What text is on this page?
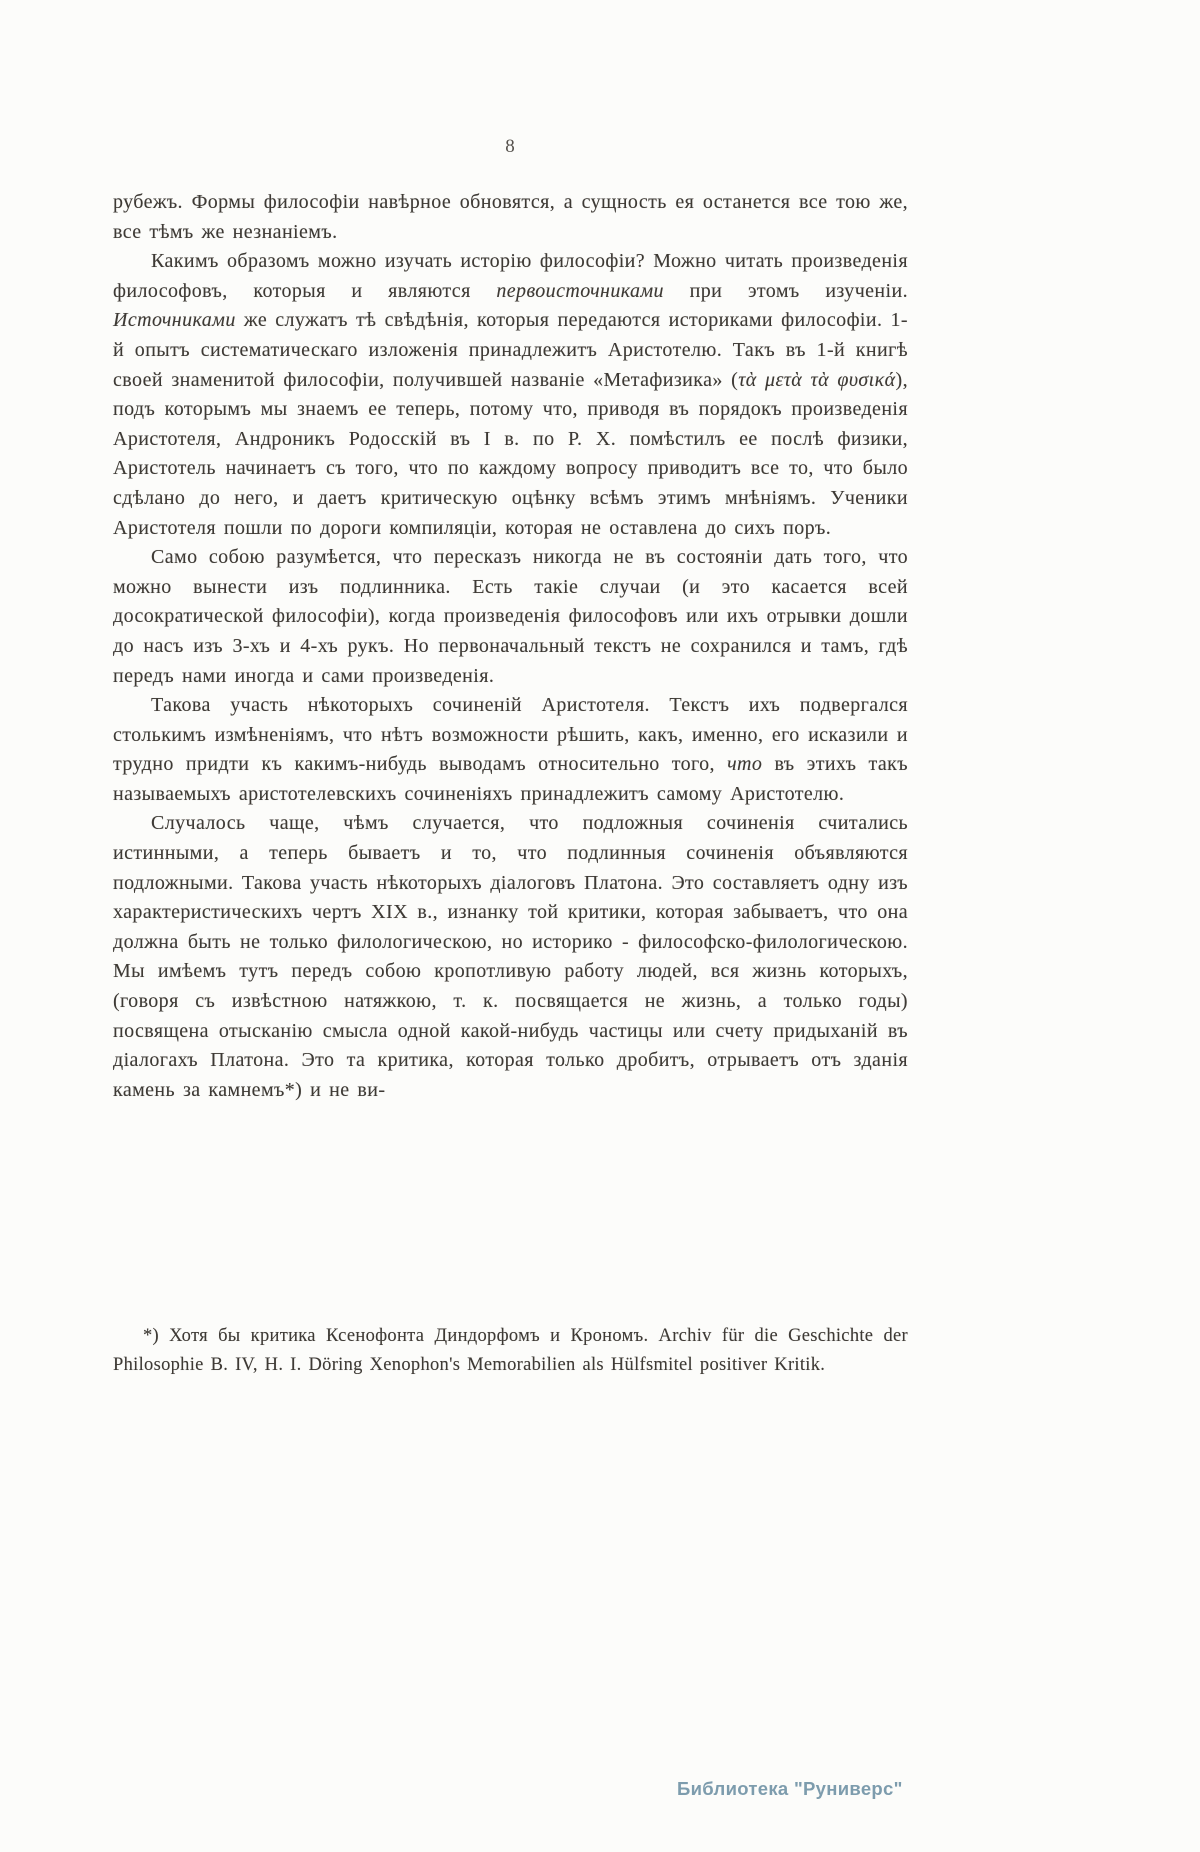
8

рубежъ. Формы философіи навѣрное обновятся, а сущность ея останется все тою же, все тѣмъ же незнаніемъ.

Какимъ образомъ можно изучать исторію философіи? Можно читать произведенія философовъ, которыя и являются первоисточниками при этомъ изученіи. Источниками же служатъ тѣ свѣдѣнія, которыя передаются историками философіи. 1-й опытъ систематическаго изложенія принадлежитъ Аристотелю. Такъ въ 1-й книгѣ своей знаменитой философіи, получившей названіе «Метафизика» (τὰ μετὰ τὰ φυσικά), подъ которымъ мы знаемъ ее теперь, потому что, приводя въ порядокъ произведенія Аристотеля, Андроникъ Родосскій въ I в. по Р. X. помѣстилъ ее послѣ физики, Аристотель начинаетъ съ того, что по каждому вопросу приводитъ все то, что было сдѣлано до него, и даетъ критическую оцѣнку всѣмъ этимъ мнѣніямъ. Ученики Аристотеля пошли по дороги компиляціи, которая не оставлена до сихъ поръ.

Само собою разумѣется, что пересказъ никогда не въ состояніи дать того, что можно вынести изъ подлинника. Есть такіе случаи (и это касается всей досократической философіи), когда произведенія философовъ или ихъ отрывки дошли до насъ изъ 3-хъ и 4-хъ рукъ. Но первоначальный текстъ не сохранился и тамъ, гдѣ передъ нами иногда и сами произведенія.

Такова участь нѣкоторыхъ сочиненій Аристотеля. Текстъ ихъ подвергался столькимъ измѣненіямъ, что нѣтъ возможности рѣшить, какъ, именно, его исказили и трудно придти къ какимъ-нибудь выводамъ относительно того, что въ этихъ такъ называемыхъ аристотелевскихъ сочиненіяхъ принадлежитъ самому Аристотелю.

Случалось чаще, чѣмъ случается, что подложныя сочиненія считались истинными, а теперь бываетъ и то, что подлинныя сочиненія объявляются подложными. Такова участь нѣкоторыхъ діалоговъ Платона. Это составляетъ одну изъ характеристическихъ чертъ XIX в., изнанку той критики, которая забываетъ, что она должна быть не только филологическою, но историко - философско-филологическою. Мы имѣемъ тутъ передъ собою кропотливую работу людей, вся жизнь которыхъ, (говоря съ извѣстною натяжкою, т. к. посвящается не жизнь, а только годы) посвящена отысканію смысла одной какой-нибудь частицы или счету придыханій въ діалогахъ Платона. Это та критика, которая только дробитъ, отрываетъ отъ зданія камень за камнемъ*) и не ви-

*) Хотя бы критика Ксенофонта Диндорфомъ и Крономъ. Archiv für die Geschichte der Philosophie B. IV, H. I. Döring Xenophon's Memorabilien als Hülfsmitel positiver Kritik.

Библиотека "Руниверс"
